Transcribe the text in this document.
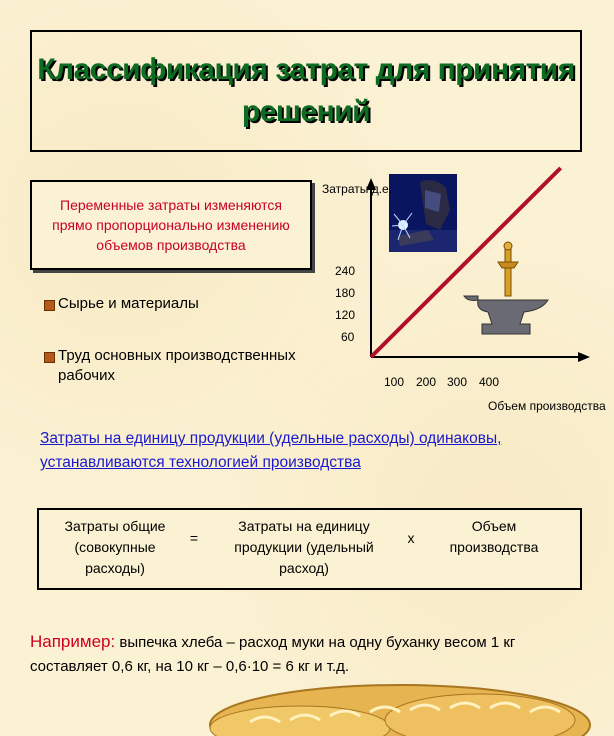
Классификация затрат для принятия решений
Переменные затраты изменяются прямо пропорционально изменению объемов производства
Сырье и материалы
Труд основных производственных рабочих
Затраты д.е.
Объем производства
240
180
120
60
100 200 300 400
Затраты на единицу продукции (удельные расходы) одинаковы, устанавливаются технологией производства
Затраты общие (совокупные расходы)
=
Затраты на единицу продукции (удельный расход)
х
Объем производства
Например: выпечка хлеба – расход муки на одну буханку весом 1 кг составляет 0,6 кг, на 10 кг – 0,6·10 = 6 кг и т.д.
